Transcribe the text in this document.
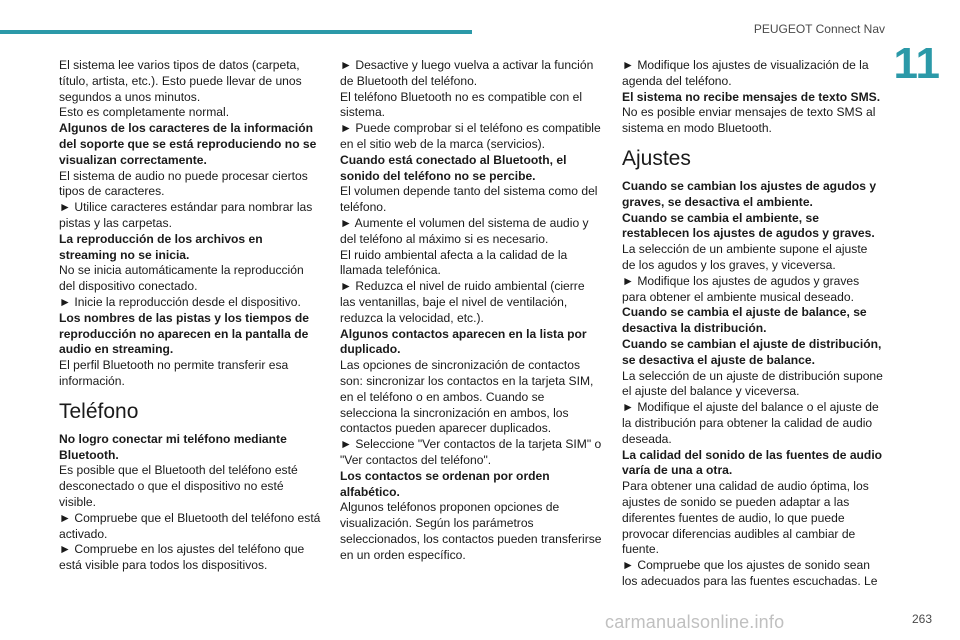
PEUGEOT Connect Nav
11

El sistema lee varios tipos de datos (carpeta, título, artista, etc.). Esto puede llevar de unos segundos a unos minutos.

Esto es completamente normal.

Algunos de los caracteres de la información del soporte que se está reproduciendo no se visualizan correctamente.

El sistema de audio no puede procesar ciertos tipos de caracteres.

► Utilice caracteres estándar para nombrar las pistas y las carpetas.

La reproducción de los archivos en streaming no se inicia.

No se inicia automáticamente la reproducción del dispositivo conectado.

► Inicie la reproducción desde el dispositivo.

Los nombres de las pistas y los tiempos de reproducción no aparecen en la pantalla de audio en streaming.

El perfil Bluetooth no permite transferir esa información.

Teléfono

No logro conectar mi teléfono mediante Bluetooth.

Es posible que el Bluetooth del teléfono esté desconectado o que el dispositivo no esté visible.

► Compruebe que el Bluetooth del teléfono está activado.

► Compruebe en los ajustes del teléfono que está visible para todos los dispositivos.

► Desactive y luego vuelva a activar la función de Bluetooth del teléfono.

El teléfono Bluetooth no es compatible con el sistema.

► Puede comprobar si el teléfono es compatible en el sitio web de la marca (servicios).

Cuando está conectado al Bluetooth, el sonido del teléfono no se percibe.

El volumen depende tanto del sistema como del teléfono.

► Aumente el volumen del sistema de audio y del teléfono al máximo si es necesario.

El ruido ambiental afecta a la calidad de la llamada telefónica.

► Reduzca el nivel de ruido ambiental (cierre las ventanillas, baje el nivel de ventilación, reduzca la velocidad, etc.).

Algunos contactos aparecen en la lista por duplicado.

Las opciones de sincronización de contactos son: sincronizar los contactos en la tarjeta SIM, en el teléfono o en ambos. Cuando se selecciona la sincronización en ambos, los contactos pueden aparecer duplicados.

► Seleccione "Ver contactos de la tarjeta SIM" o "Ver contactos del teléfono".

Los contactos se ordenan por orden alfabético.

Algunos teléfonos proponen opciones de visualización. Según los parámetros seleccionados, los contactos pueden transferirse en un orden específico.

► Modifique los ajustes de visualización de la agenda del teléfono.

El sistema no recibe mensajes de texto SMS.

No es posible enviar mensajes de texto SMS al sistema en modo Bluetooth.

Ajustes

Cuando se cambian los ajustes de agudos y graves, se desactiva el ambiente.

Cuando se cambia el ambiente, se restablecen los ajustes de agudos y graves.

La selección de un ambiente supone el ajuste de los agudos y los graves, y viceversa.

► Modifique los ajustes de agudos y graves para obtener el ambiente musical deseado.

Cuando se cambia el ajuste de balance, se desactiva la distribución.

Cuando se cambian el ajuste de distribución, se desactiva el ajuste de balance.

La selección de un ajuste de distribución supone el ajuste del balance y viceversa.

► Modifique el ajuste del balance o el ajuste de la distribución para obtener la calidad de audio deseada.

La calidad del sonido de las fuentes de audio varía de una a otra.

Para obtener una calidad de audio óptima, los ajustes de sonido se pueden adaptar a las diferentes fuentes de audio, lo que puede provocar diferencias audibles al cambiar de fuente.

► Compruebe que los ajustes de sonido sean los adecuados para las fuentes escuchadas. Le

carmanualsonline.info	263
